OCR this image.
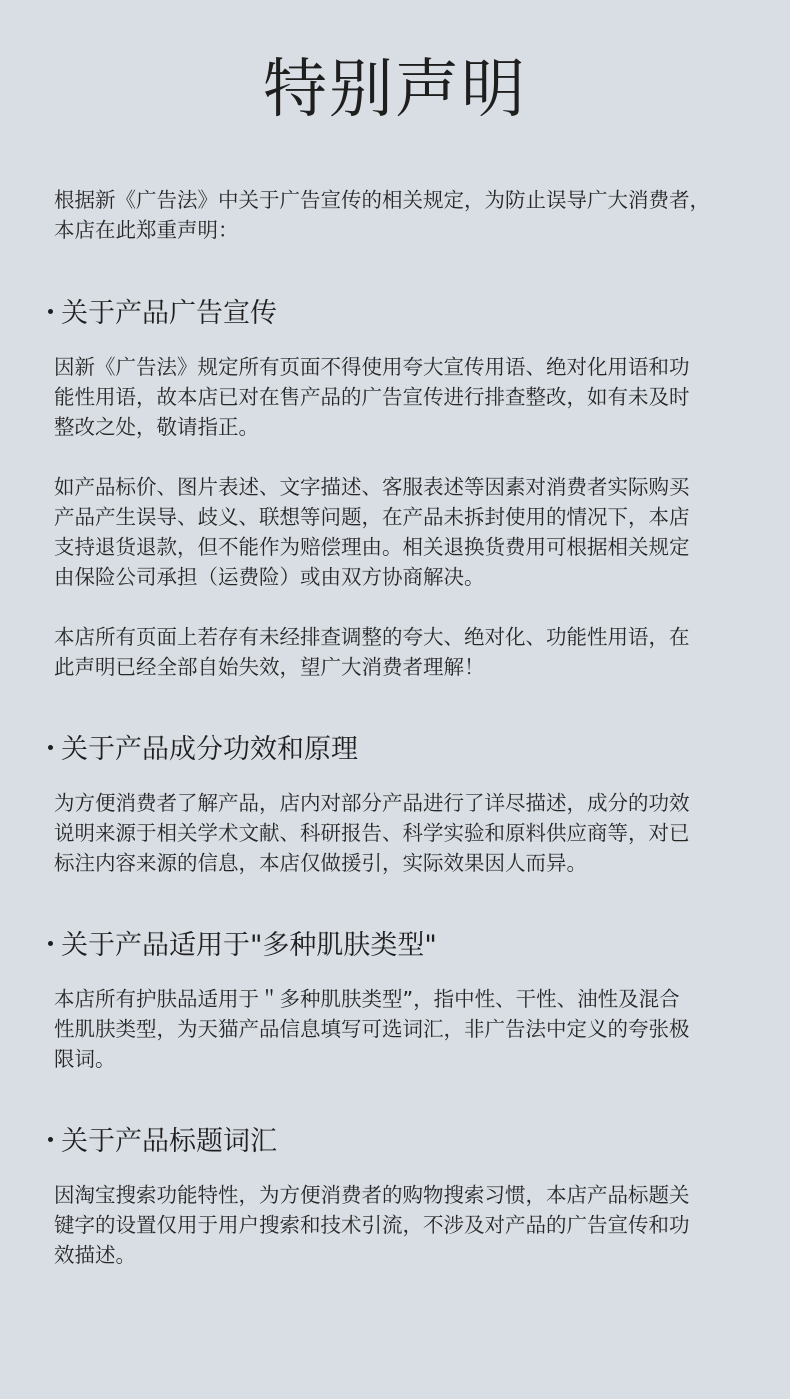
特别声明
根据新《广告法》中关于广告宣传的相关规定，为防止误导广大消费者，
本店在此郑重声明：
关于产品广告宣传
因新《广告法》规定所有页面不得使用夸大宣传用语、绝对化用语和功
能性用语，故本店已对在售产品的广告宣传进行排查整改，如有未及时
整改之处，敬请指正。
如产品标价、图片表述、文字描述、客服表述等因素对消费者实际购买
产品产生误导、歧义、联想等问题，在产品未拆封使用的情况下，本店
支持退货退款，但不能作为赔偿理由。相关退换货费用可根据相关规定
由保险公司承担（运费险）或由双方协商解决。
本店所有页面上若存有未经排查调整的夸大、绝对化、功能性用语，在
此声明已经全部自始失效，望广大消费者理解！
关于产品成分功效和原理
为方便消费者了解产品，店内对部分产品进行了详尽描述，成分的功效
说明来源于相关学术文献、科研报告、科学实验和原料供应商等，对已
标注内容来源的信息，本店仅做援引，实际效果因人而异。
关于产品适用于"多种肌肤类型"
本店所有护肤品适用于＂多种肌肤类型”，指中性、干性、油性及混合
性肌肤类型，为天猫产品信息填写可选词汇，非广告法中定义的夸张极
限词。
关于产品标题词汇
因淘宝搜索功能特性，为方便消费者的购物搜索习惯，本店产品标题关
键字的设置仅用于用户搜索和技术引流，不涉及对产品的广告宣传和功
效描述。
